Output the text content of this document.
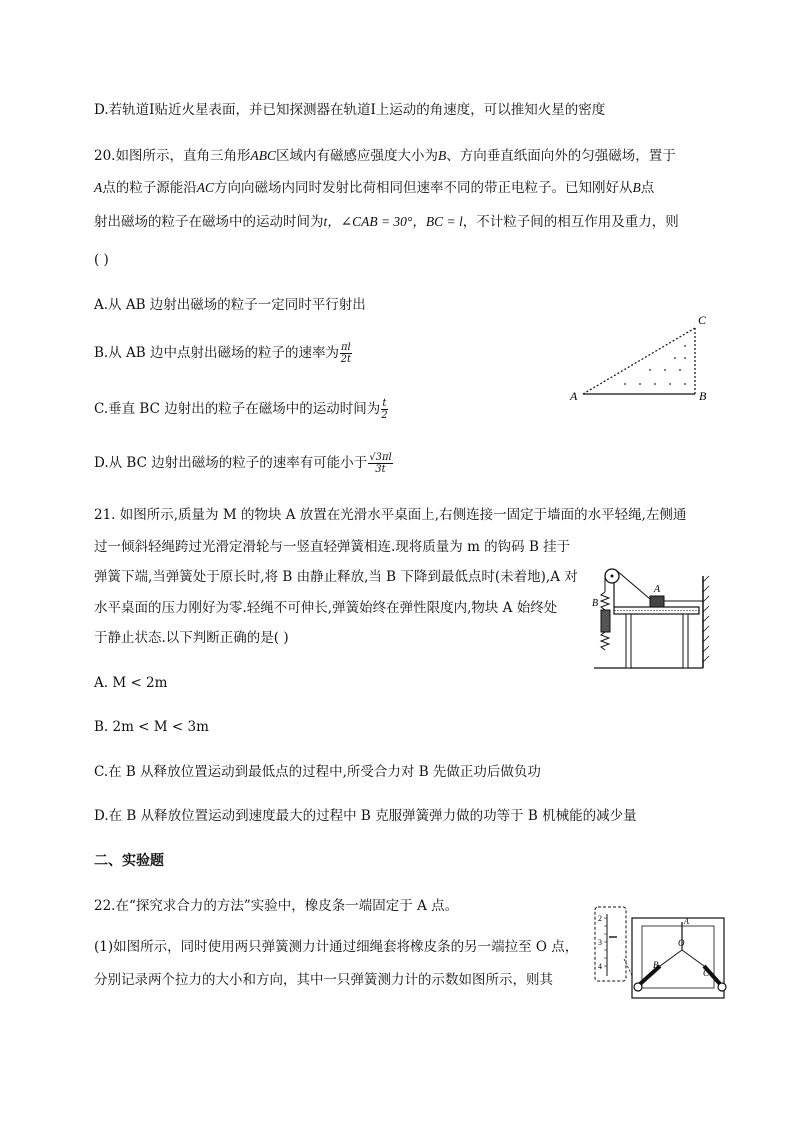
D.若轨道Ⅰ贴近火星表面，并已知探测器在轨道Ⅰ上运动的角速度，可以推知火星的密度
20.如图所示，直角三角形ABC区域内有磁感应强度大小为B、方向垂直纸面向外的匀强磁场，置于
A点的粒子源能沿AC方向向磁场内同时发射比荷相同但速率不同的带正电粒子。已知刚好从B点
射出磁场的粒子在磁场中的运动时间为t，∠CAB = 30°，BC = l，不计粒子间的相互作用及重力，则
( )
A.从 AB 边射出磁场的粒子一定同时平行射出
B.从 AB 边中点射出磁场的粒子的速率为 $\frac{\pi l}{2t}$
C.垂直 BC 边射出的粒子在磁场中的运动时间为 $\frac{t}{2}$
D.从 BC 边射出磁场的粒子的速率有可能小于 $\frac{√3\pi l}{3t}$
A	B
C
21. 如图所示,质量为 M 的物块 A 放置在光滑水平桌面上,右侧连接一固定于墙面的水平轻绳,左侧通
过一倾斜轻绳跨过光滑定滑轮与一竖直轻弹簧相连.现将质量为 m 的钩码 B 挂于
弹簧下端,当弹簧处于原长时,将 B 由静止释放,当 B 下降到最低点时(未着地),A 对
水平桌面的压力刚好为零.轻绳不可伸长,弹簧始终在弹性限度内,物块 A 始终处
于静止状态.以下判断正确的是( )
A. M < 2m
B. 2m < M < 3m
C.在 B 从释放位置运动到最低点的过程中,所受合力对 B 先做正功后做负功
D.在 B 从释放位置运动到速度最大的过程中 B 克服弹簧弹力做的功等于 B 机械能的减少量
A
B
二、实验题
22.在“探究求合力的方法”实验中，橡皮条一端固定于 A 点。
(1)如图所示，同时使用两只弹簧测力计通过细绳套将橡皮条的另一端拉至 O 点，
分别记录两个拉力的大小和方向，其中一只弹簧测力计的示数如图所示，则其
2
3
4
A
O
B
C
